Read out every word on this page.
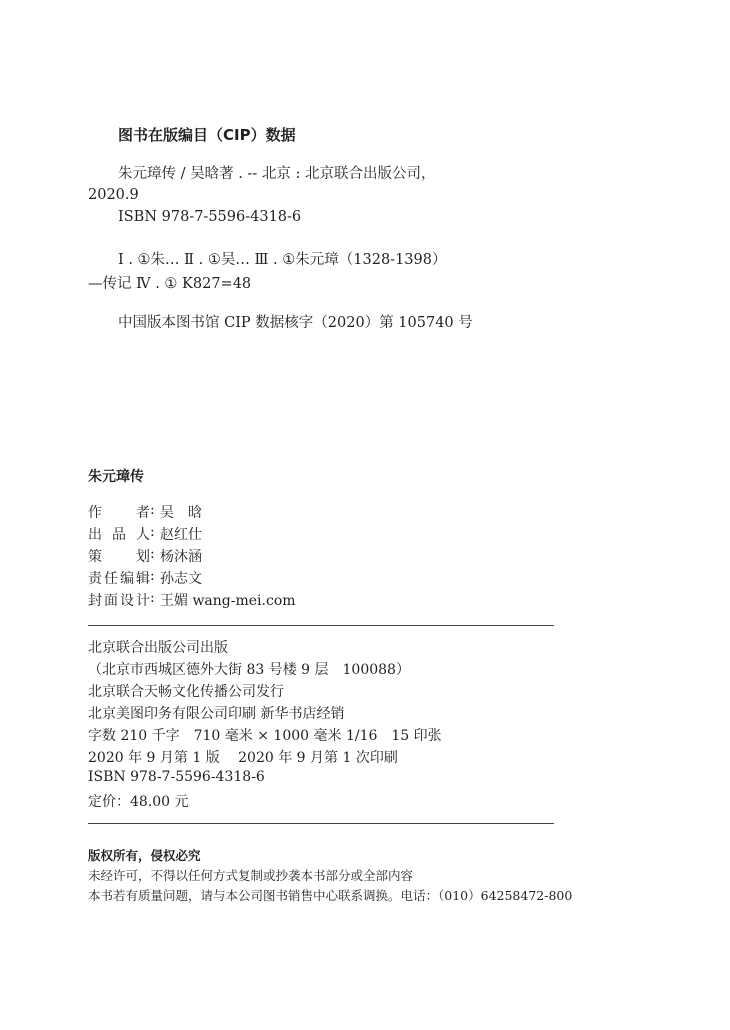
图书在版编目（CIP）数据
朱元璋传 / 吴晗著 . -- 北京 : 北京联合出版公司，
2020.9
ISBN 978-7-5596-4318-6
Ⅰ . ①朱… Ⅱ . ①吴… Ⅲ . ①朱元璋（1328-1398）
—传记 Ⅳ . ① K827=48
中国版本图书馆 CIP 数据核字（2020）第 105740 号
朱元璋传
作者 : 吴　晗
出品人 : 赵红仕
策划 : 杨沐涵
责任编辑 : 孙志文
封面设计 : 王媚 wang-mei.com
北京联合出版公司出版
（北京市西城区德外大街 83 号楼 9 层　100088）
北京联合天畅文化传播公司发行
北京美图印务有限公司印刷 新华书店经销
字数 210 千字　710 毫米 × 1000 毫米 1/16　15 印张
2020 年 9 月第 1 版　 2020 年 9 月第 1 次印刷
ISBN 978-7-5596-4318-6
定价：48.00 元
版权所有，侵权必究
未经许可，不得以任何方式复制或抄袭本书部分或全部内容
本书若有质量问题，请与本公司图书销售中心联系调换。电话：（010）64258472-800
